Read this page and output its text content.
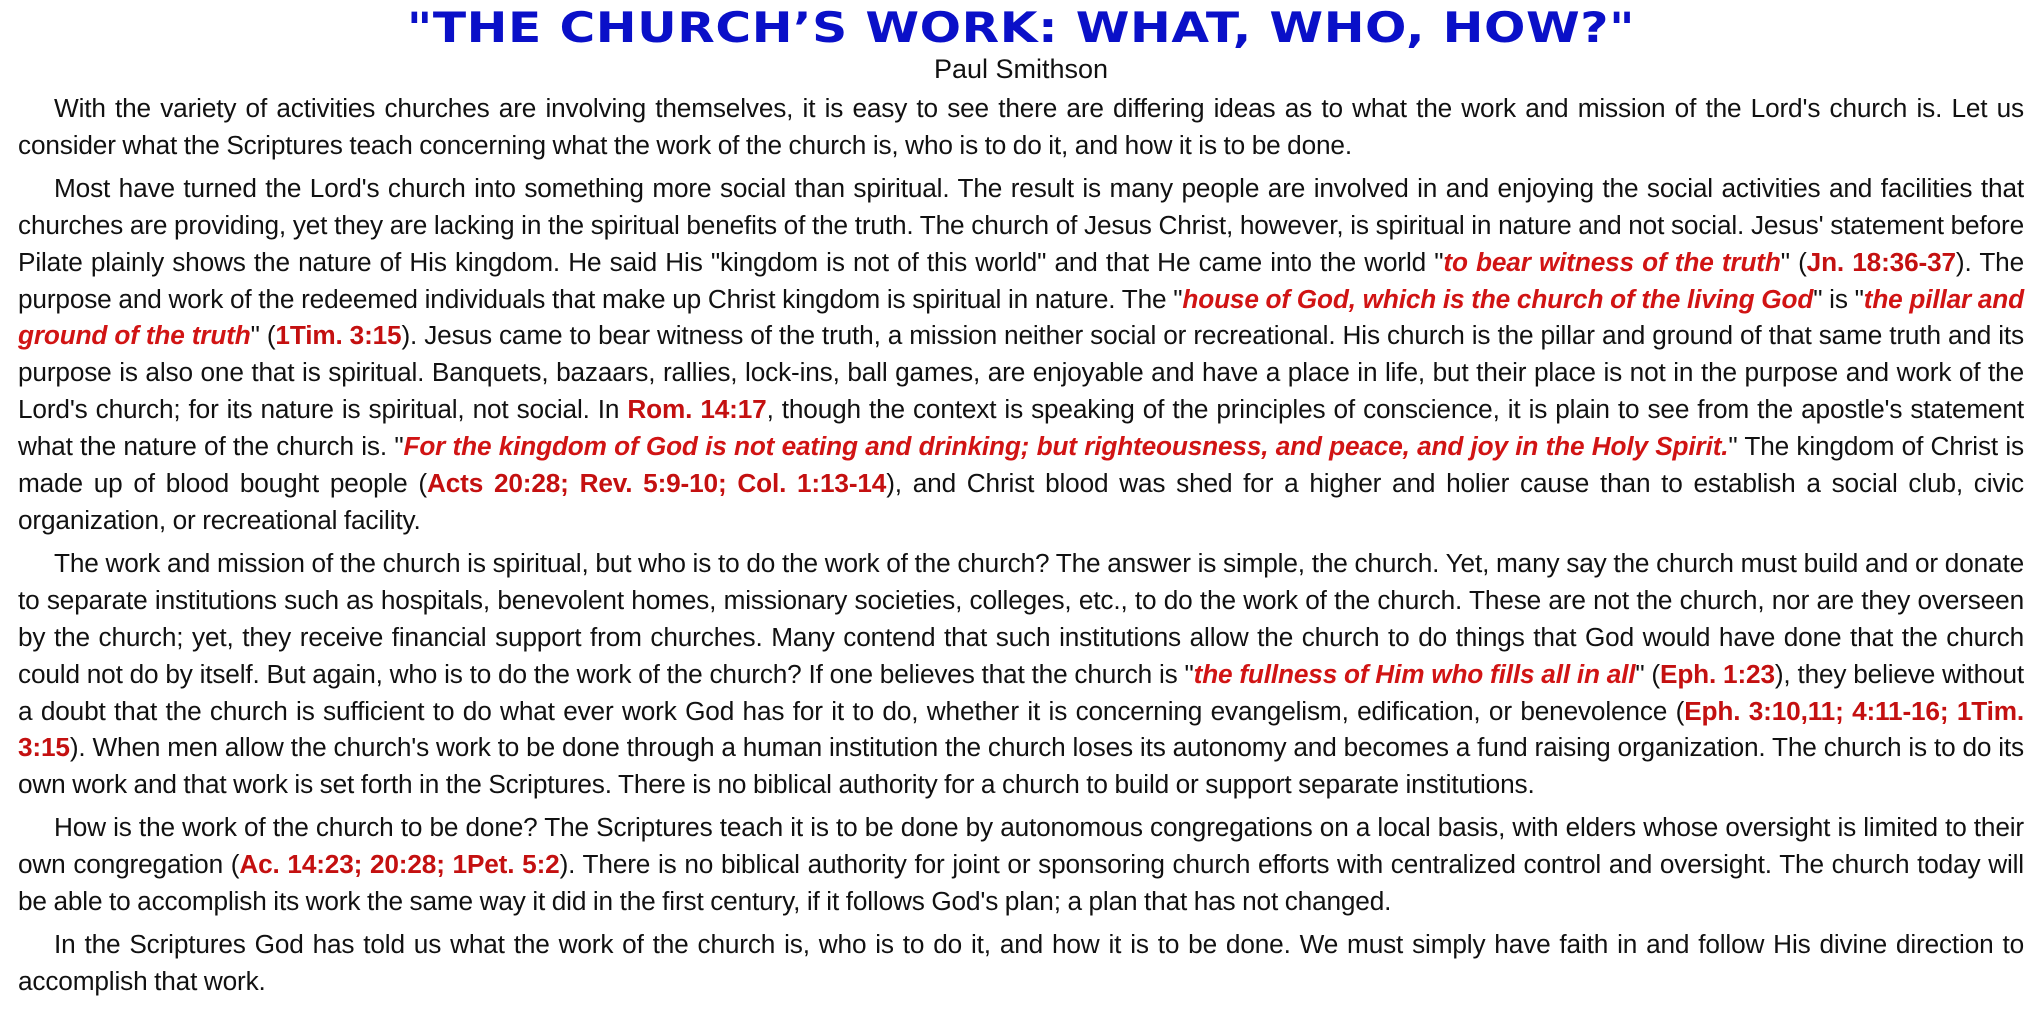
"THE CHURCH’S WORK: WHAT, WHO, HOW?"
Paul Smithson

With the variety of activities churches are involving themselves, it is easy to see there are differing ideas as to what the work and mission of the Lord's church is. Let us consider what the Scriptures teach concerning what the work of the church is, who is to do it, and how it is to be done.

Most have turned the Lord's church into something more social than spiritual. The result is many people are involved in and enjoying the social activities and facilities that churches are providing, yet they are lacking in the spiritual benefits of the truth. The church of Jesus Christ, however, is spiritual in nature and not social. Jesus' statement before Pilate plainly shows the nature of His kingdom. He said His "kingdom is not of this world" and that He came into the world "to bear witness of the truth" (Jn. 18:36-37). The purpose and work of the redeemed individuals that make up Christ kingdom is spiritual in nature. The "house of God, which is the church of the living God" is "the pillar and ground of the truth" (1Tim. 3:15). Jesus came to bear witness of the truth, a mission neither social or recreational. His church is the pillar and ground of that same truth and its purpose is also one that is spiritual. Banquets, bazaars, rallies, lock-ins, ball games, are enjoyable and have a place in life, but their place is not in the purpose and work of the Lord's church; for its nature is spiritual, not social. In Rom. 14:17, though the context is speaking of the principles of conscience, it is plain to see from the apostle's statement what the nature of the church is. "For the kingdom of God is not eating and drinking; but righteousness, and peace, and joy in the Holy Spirit." The kingdom of Christ is made up of blood bought people (Acts 20:28; Rev. 5:9-10; Col. 1:13-14), and Christ blood was shed for a higher and holier cause than to establish a social club, civic organization, or recreational facility.

The work and mission of the church is spiritual, but who is to do the work of the church? The answer is simple, the church. Yet, many say the church must build and or donate to separate institutions such as hospitals, benevolent homes, missionary societies, colleges, etc., to do the work of the church. These are not the church, nor are they overseen by the church; yet, they receive financial support from churches. Many contend that such institutions allow the church to do things that God would have done that the church could not do by itself. But again, who is to do the work of the church? If one believes that the church is "the fullness of Him who fills all in all" (Eph. 1:23), they believe without a doubt that the church is sufficient to do what ever work God has for it to do, whether it is concerning evangelism, edification, or benevolence (Eph. 3:10,11; 4:11-16; 1Tim. 3:15). When men allow the church's work to be done through a human institution the church loses its autonomy and becomes a fund raising organization. The church is to do its own work and that work is set forth in the Scriptures. There is no biblical authority for a church to build or support separate institutions.

How is the work of the church to be done? The Scriptures teach it is to be done by autonomous congregations on a local basis, with elders whose oversight is limited to their own congregation (Ac. 14:23; 20:28; 1Pet. 5:2). There is no biblical authority for joint or sponsoring church efforts with centralized control and oversight. The church today will be able to accomplish its work the same way it did in the first century, if it follows God's plan; a plan that has not changed.

In the Scriptures God has told us what the work of the church is, who is to do it, and how it is to be done. We must simply have faith in and follow His divine direction to accomplish that work.
